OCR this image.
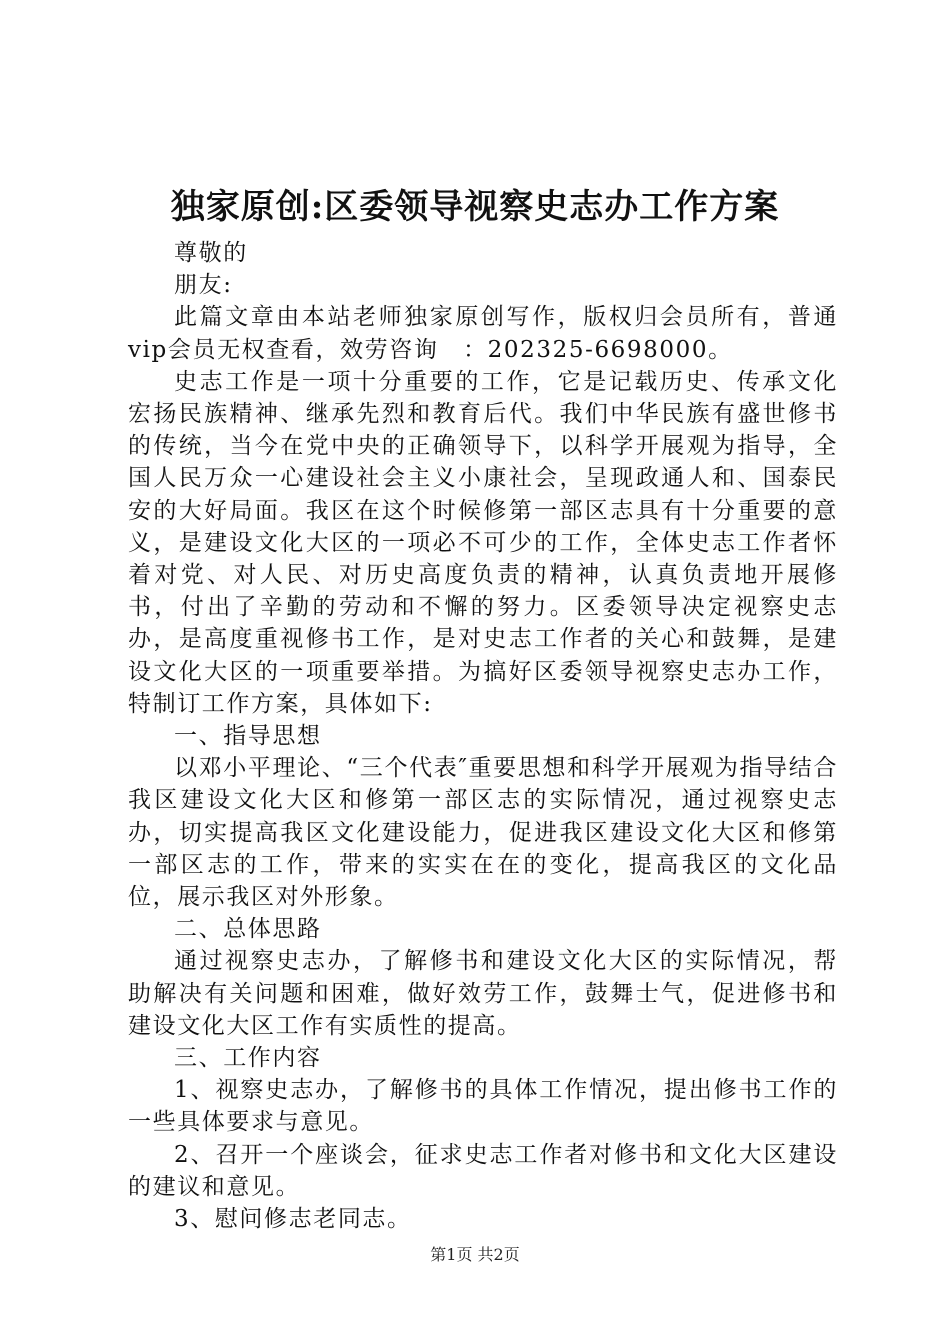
独家原创:区委领导视察史志办工作方案

尊敬的

朋友:

此篇文章由本站老师独家原创写作，版权归会员所有，普通vip会员无权查看，效劳咨询　：202325-6698000。

史志工作是一项十分重要的工作，它是记载历史、传承文化宏扬民族精神、继承先烈和教育后代。我们中华民族有盛世修书的传统，当今在党中央的正确领导下，以科学开展观为指导，全国人民万众一心建设社会主义小康社会，呈现政通人和、国泰民安的大好局面。我区在这个时候修第一部区志具有十分重要的意义，是建设文化大区的一项必不可少的工作，全体史志工作者怀着对党、对人民、对历史高度负责的精神，认真负责地开展修书，付出了辛勤的劳动和不懈的努力。区委领导决定视察史志办，是高度重视修书工作，是对史志工作者的关心和鼓舞，是建设文化大区的一项重要举措。为搞好区委领导视察史志办工作，特制订工作方案，具体如下:

一、指导思想

以邓小平理论、“三个代表″重要思想和科学开展观为指导结合我区建设文化大区和修第一部区志的实际情况，通过视察史志办，切实提高我区文化建设能力，促进我区建设文化大区和修第一部区志的工作，带来的实实在在的变化，提高我区的文化品位，展示我区对外形象。

二、总体思路

通过视察史志办，了解修书和建设文化大区的实际情况，帮助解决有关问题和困难，做好效劳工作，鼓舞士气，促进修书和建设文化大区工作有实质性的提高。

三、工作内容

1、视察史志办，了解修书的具体工作情况，提出修书工作的一些具体要求与意见。

2、召开一个座谈会，征求史志工作者对修书和文化大区建设的建议和意见。

3、慰问修志老同志。

第1页 共2页
